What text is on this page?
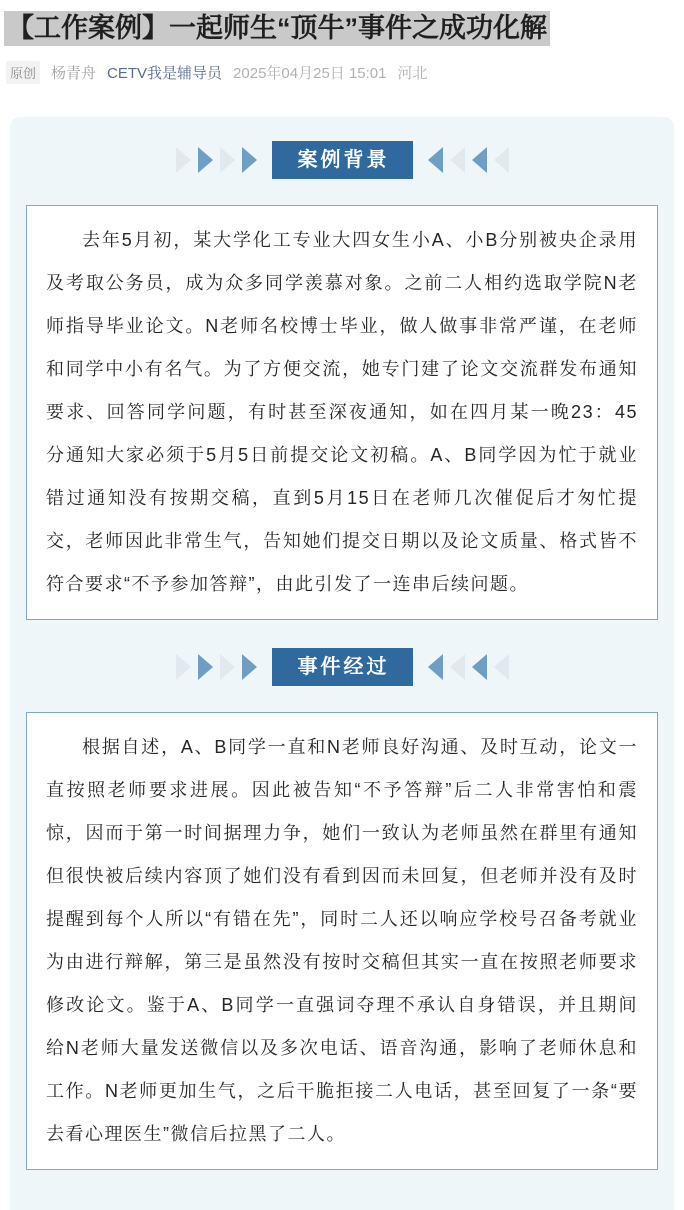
【工作案例】一起师生“顶牛”事件之成功化解
原创 杨青舟 CETV我是辅导员 2025年04月25日 15:01 河北
案例背景

去年5月初，某大学化工专业大四女生小A、小B分别被央企录用及考取公务员，成为众多同学羡慕对象。之前二人相约选取学院N老师指导毕业论文。N老师名校博士毕业，做人做事非常严谨，在老师和同学中小有名气。为了方便交流，她专门建了论文交流群发布通知要求、回答同学问题，有时甚至深夜通知，如在四月某一晚23：45分通知大家必须于5月5日前提交论文初稿。A、B同学因为忙于就业错过通知没有按期交稿，直到5月15日在老师几次催促后才匆忙提交，老师因此非常生气，告知她们提交日期以及论文质量、格式皆不符合要求“不予参加答辩”，由此引发了一连串后续问题。

事件经过

根据自述，A、B同学一直和N老师良好沟通、及时互动，论文一直按照老师要求进展。因此被告知“不予答辩”后二人非常害怕和震惊，因而于第一时间据理力争，她们一致认为老师虽然在群里有通知但很快被后续内容顶了她们没有看到因而未回复，但老师并没有及时提醒到每个人所以“有错在先”，同时二人还以响应学校号召备考就业为由进行辩解，第三是虽然没有按时交稿但其实一直在按照老师要求修改论文。鉴于A、B同学一直强词夺理不承认自身错误，并且期间给N老师大量发送微信以及多次电话、语音沟通，影响了老师休息和工作。N老师更加生气，之后干脆拒接二人电话，甚至回复了一条“要去看心理医生”微信后拉黑了二人。
